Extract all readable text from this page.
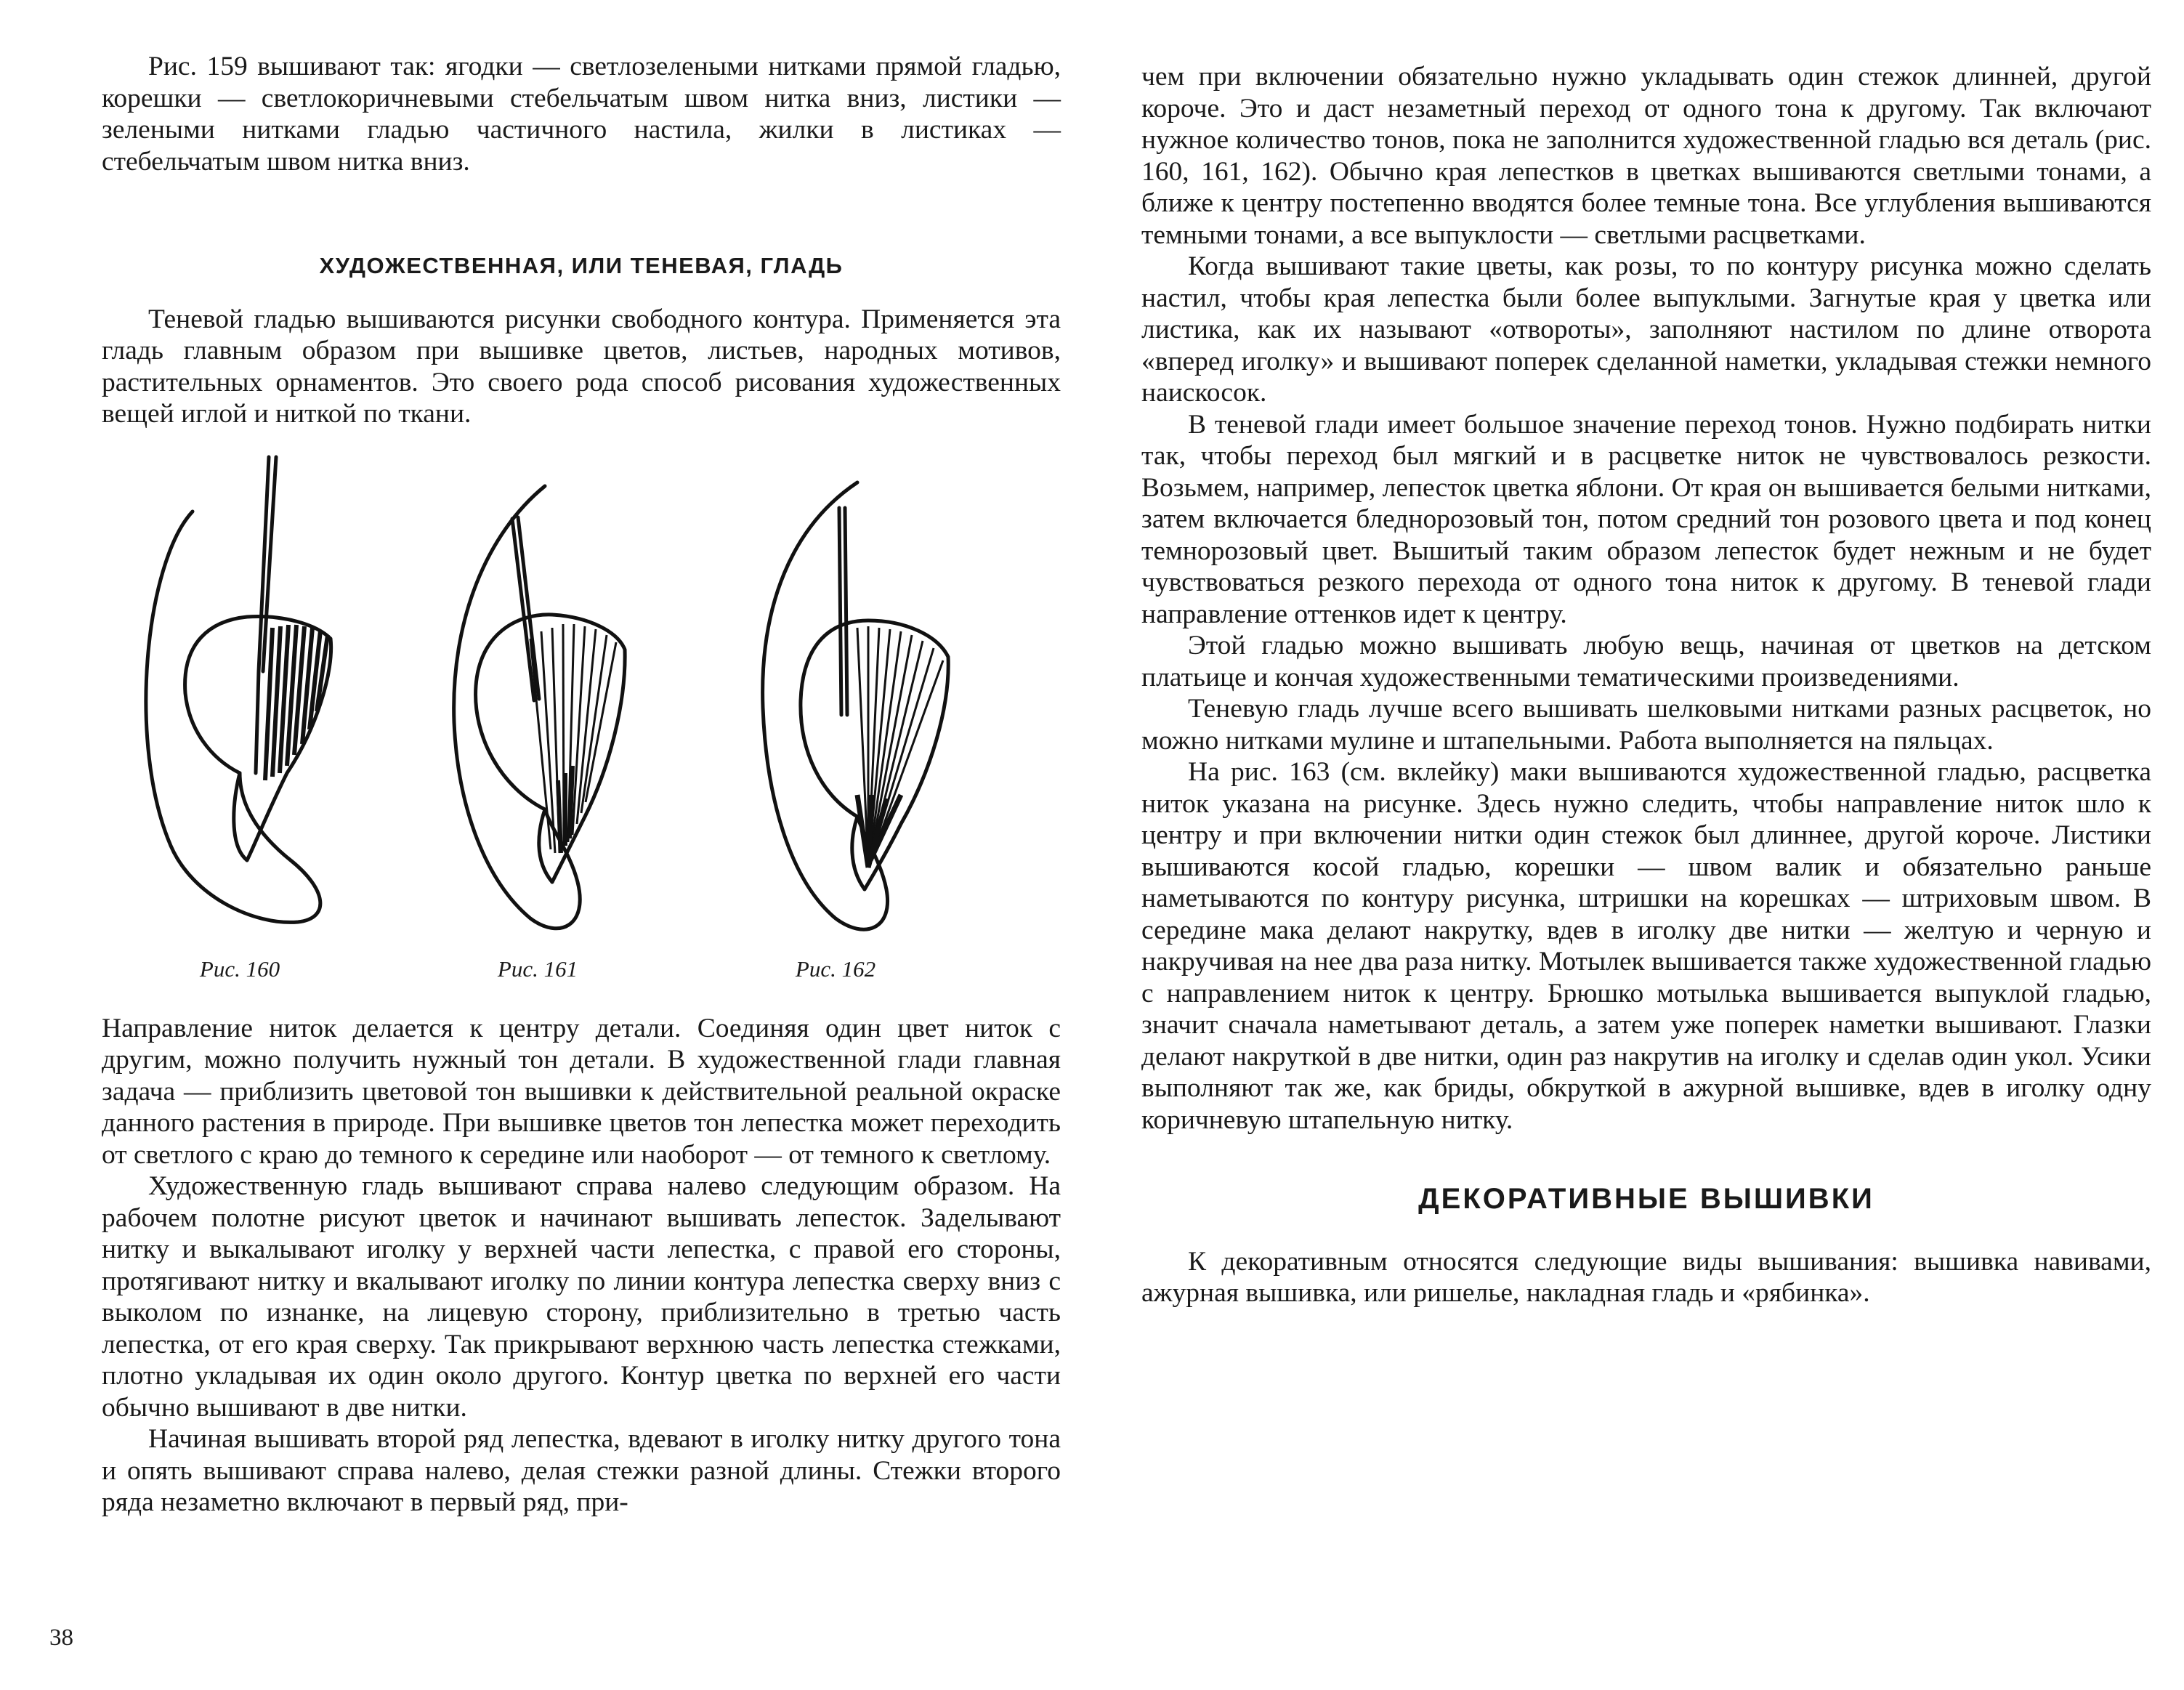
Рис. 159 вышивают так: ягодки — светлозелеными нитками прямой гладью, корешки — светлокоричневыми стебельчатым швом нитка вниз, листики — зелеными нитками гладью частичного настила, жилки в листиках — стебельчатым швом нитка вниз.

ХУДОЖЕСТВЕННАЯ, ИЛИ ТЕНЕВАЯ, ГЛАДЬ

Теневой гладью вышиваются рисунки свободного контура. Применяется эта гладь главным образом при вышивке цветов, листьев, народных мотивов, растительных орнаментов. Это своего рода способ рисования художественных вещей иглой и ниткой по ткани.

Рис. 160	Рис. 161	Рис. 162

Направление ниток делается к центру детали. Соединяя один цвет ниток с другим, можно получить нужный тон детали. В художественной глади главная задача — приблизить цветовой тон вышивки к действительной реальной окраске данного растения в природе. При вышивке цветов тон лепестка может переходить от светлого с краю до темного к середине или наоборот — от темного к светлому.

Художественную гладь вышивают справа налево следующим образом. На рабочем полотне рисуют цветок и начинают вышивать лепесток. Заделывают нитку и выкалывают иголку у верхней части лепестка, с правой его стороны, протягивают нитку и вкалывают иголку по линии контура лепестка сверху вниз с выколом по изнанке, на лицевую сторону, приблизительно в третью часть лепестка, от его края сверху. Так прикрывают верхнюю часть лепестка стежками, плотно укладывая их один около другого. Контур цветка по верхней его части обычно вышивают в две нитки.

Начиная вышивать второй ряд лепестка, вдевают в иголку нитку другого тона и опять вышивают справа налево, делая стежки разной длины. Стежки второго ряда незаметно включают в первый ряд, при-

38

чем при включении обязательно нужно укладывать один стежок длинней, другой короче. Это и даст незаметный переход от одного тона к другому. Так включают нужное количество тонов, пока не заполнится художественной гладью вся деталь (рис. 160, 161, 162). Обычно края лепестков в цветках вышиваются светлыми тонами, а ближе к центру постепенно вводятся более темные тона. Все углубления вышиваются темными тонами, а все выпуклости — светлыми расцветками.

Когда вышивают такие цветы, как розы, то по контуру рисунка можно сделать настил, чтобы края лепестка были более выпуклыми. Загнутые края у цветка или листика, как их называют «отвороты», заполняют настилом по длине отворота «вперед иголку» и вышивают поперек сделанной наметки, укладывая стежки немного наискосок.

В теневой глади имеет большое значение переход тонов. Нужно подбирать нитки так, чтобы переход был мягкий и в расцветке ниток не чувствовалось резкости. Возьмем, например, лепесток цветка яблони. От края он вышивается белыми нитками, затем включается бледнорозовый тон, потом средний тон розового цвета и под конец темнорозовый цвет. Вышитый таким образом лепесток будет нежным и не будет чувствоваться резкого перехода от одного тона ниток к другому. В теневой глади направление оттенков идет к центру.

Этой гладью можно вышивать любую вещь, начиная от цветков на детском платьице и кончая художественными тематическими произведениями.

Теневую гладь лучше всего вышивать шелковыми нитками разных расцветок, но можно нитками мулине и штапельными. Работа выполняется на пяльцах.

На рис. 163 (см. вклейку) маки вышиваются художественной гладью, расцветка ниток указана на рисунке. Здесь нужно следить, чтобы направление ниток шло к центру и при включении нитки один стежок был длиннее, другой короче. Листики вышиваются косой гладью, корешки — швом валик и обязательно раньше наметываются по контуру рисунка, штришки на корешках — штриховым швом. В середине мака делают накрутку, вдев в иголку две нитки — желтую и черную и накручивая на нее два раза нитку. Мотылек вышивается также художественной гладью с направлением ниток к центру. Брюшко мотылька вышивается выпуклой гладью, значит сначала наметывают деталь, а затем уже поперек наметки вышивают. Глазки делают накруткой в две нитки, один раз накрутив на иголку и сделав один укол. Усики выполняют так же, как бриды, обкруткой в ажурной вышивке, вдев в иголку одну коричневую штапельную нитку.

ДЕКОРАТИВНЫЕ ВЫШИВКИ

К декоративным относятся следующие виды вышивания: вышивка навивами, ажурная вышивка, или ришелье, накладная гладь и «рябинка».
